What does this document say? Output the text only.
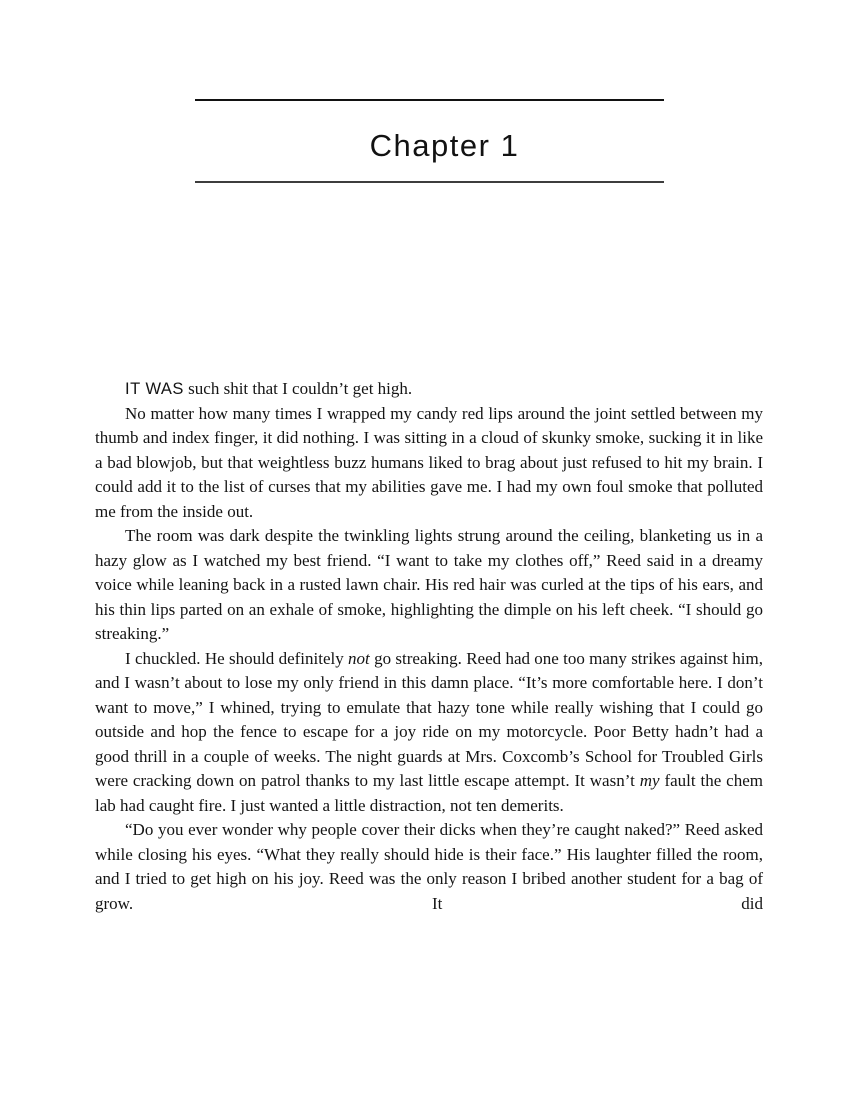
Chapter 1

IT WAS such shit that I couldn’t get high.

No matter how many times I wrapped my candy red lips around the joint settled between my thumb and index finger, it did nothing. I was sitting in a cloud of skunky smoke, sucking it in like a bad blowjob, but that weightless buzz humans liked to brag about just refused to hit my brain. I could add it to the list of curses that my abilities gave me. I had my own foul smoke that polluted me from the inside out.

The room was dark despite the twinkling lights strung around the ceiling, blanketing us in a hazy glow as I watched my best friend. “I want to take my clothes off,” Reed said in a dreamy voice while leaning back in a rusted lawn chair. His red hair was curled at the tips of his ears, and his thin lips parted on an exhale of smoke, highlighting the dimple on his left cheek. “I should go streaking.”

I chuckled. He should definitely not go streaking. Reed had one too many strikes against him, and I wasn’t about to lose my only friend in this damn place. “It’s more comfortable here. I don’t want to move,” I whined, trying to emulate that hazy tone while really wishing that I could go outside and hop the fence to escape for a joy ride on my motorcycle. Poor Betty hadn’t had a good thrill in a couple of weeks. The night guards at Mrs. Coxcomb’s School for Troubled Girls were cracking down on patrol thanks to my last little escape attempt. It wasn’t my fault the chem lab had caught fire. I just wanted a little distraction, not ten demerits.

“Do you ever wonder why people cover their dicks when they’re caught naked?” Reed asked while closing his eyes. “What they really should hide is their face.” His laughter filled the room, and I tried to get high on his joy. Reed was the only reason I bribed another student for a bag of grow. It did
